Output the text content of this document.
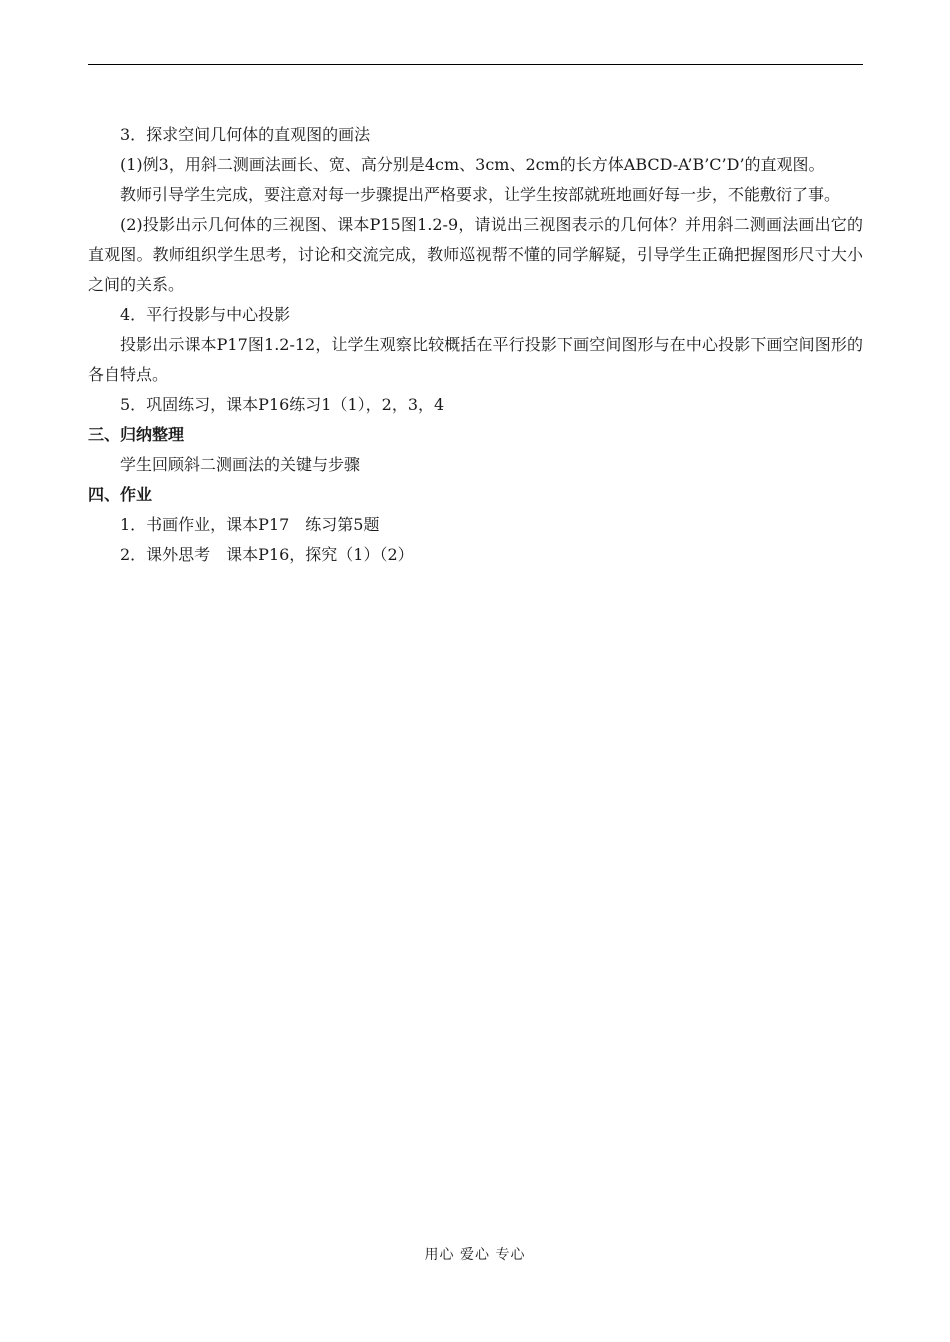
3．探求空间几何体的直观图的画法

(1)例3，用斜二测画法画长、宽、高分别是4cm、3cm、2cm的长方体ABCD-A’B’C’D’的直观图。

教师引导学生完成，要注意对每一步骤提出严格要求，让学生按部就班地画好每一步，不能敷衍了事。

(2)投影出示几何体的三视图、课本P15图1.2-9，请说出三视图表示的几何体？并用斜二测画法画出它的直观图。教师组织学生思考，讨论和交流完成，教师巡视帮不懂的同学解疑，引导学生正确把握图形尺寸大小之间的关系。

4．平行投影与中心投影

投影出示课本P17图1.2-12，让学生观察比较概括在平行投影下画空间图形与在中心投影下画空间图形的各自特点。

5．巩固练习，课本P16练习1（1），2，3，4

三、归纳整理

学生回顾斜二测画法的关键与步骤

四、作业

1．书画作业，课本P17　练习第5题

2．课外思考　课本P16，探究（1）（2）

用心 爱心 专心
